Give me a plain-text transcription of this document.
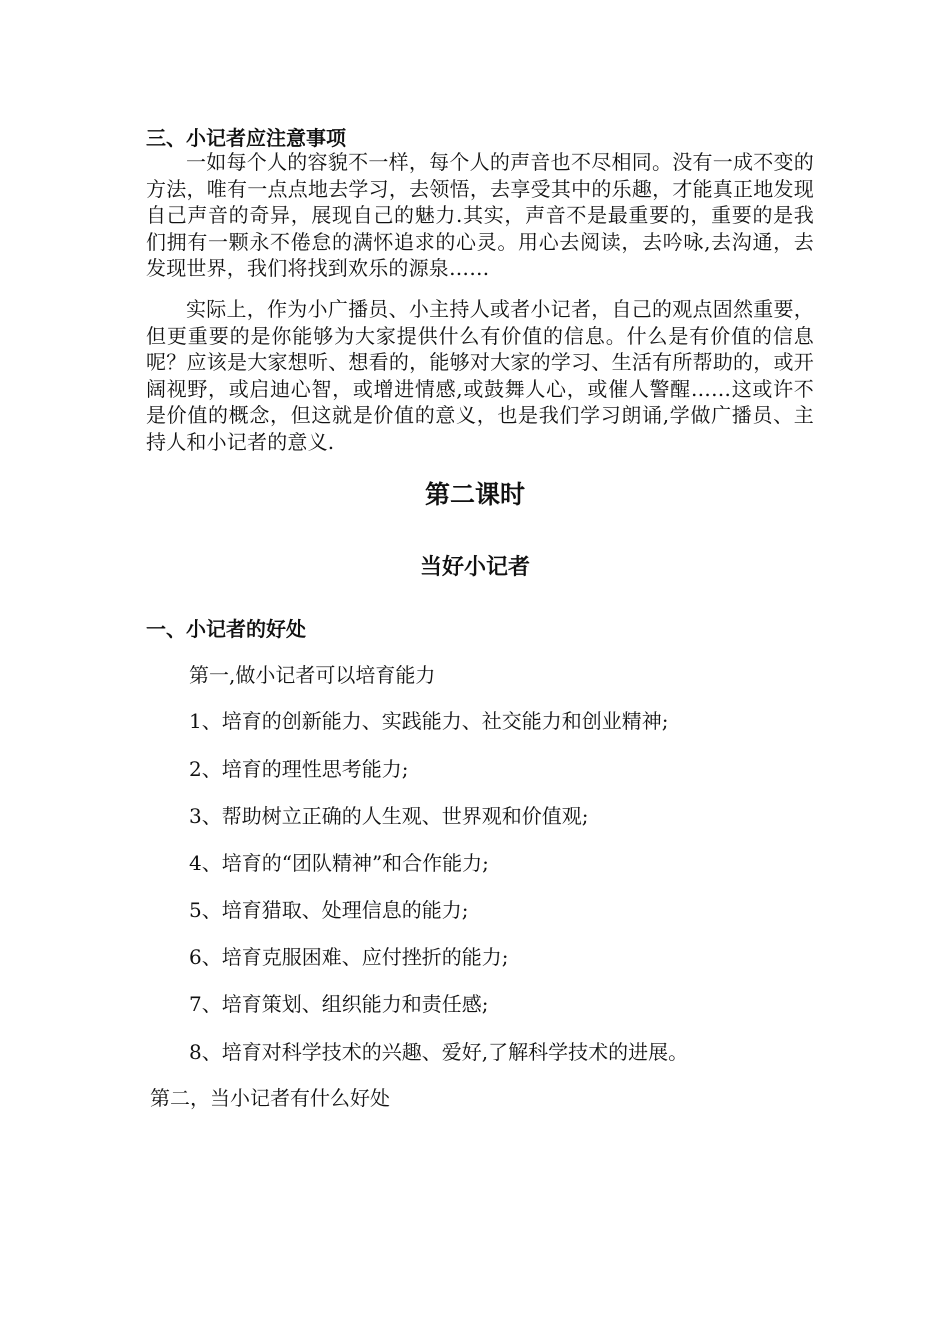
三、小记者应注意事项

一如每个人的容貌不一样，每个人的声音也不尽相同。没有一成不变的方法，唯有一点点地去学习，去领悟，去享受其中的乐趣，才能真正地发现自己声音的奇异，展现自己的魅力.其实，声音不是最重要的，重要的是我们拥有一颗永不倦怠的满怀追求的心灵。用心去阅读，去吟咏,去沟通，去发现世界，我们将找到欢乐的源泉……

实际上，作为小广播员、小主持人或者小记者，自己的观点固然重要，但更重要的是你能够为大家提供什么有价值的信息。什么是有价值的信息呢？应该是大家想听、想看的，能够对大家的学习、生活有所帮助的，或开阔视野，或启迪心智，或增进情感,或鼓舞人心，或催人警醒……这或许不是价值的概念，但这就是价值的意义，也是我们学习朗诵,学做广播员、主持人和小记者的意义.

第二课时
当好小记者
一、小记者的好处

第一,做小记者可以培育能力

1、培育的创新能力、实践能力、社交能力和创业精神;

2、培育的理性思考能力;

3、帮助树立正确的人生观、世界观和价值观;

4、培育的“团队精神”和合作能力;

5、培育猎取、处理信息的能力;

6、培育克服困难、应付挫折的能力;

7、培育策划、组织能力和责任感;

8、培育对科学技术的兴趣、爱好,了解科学技术的进展。

第二，当小记者有什么好处
